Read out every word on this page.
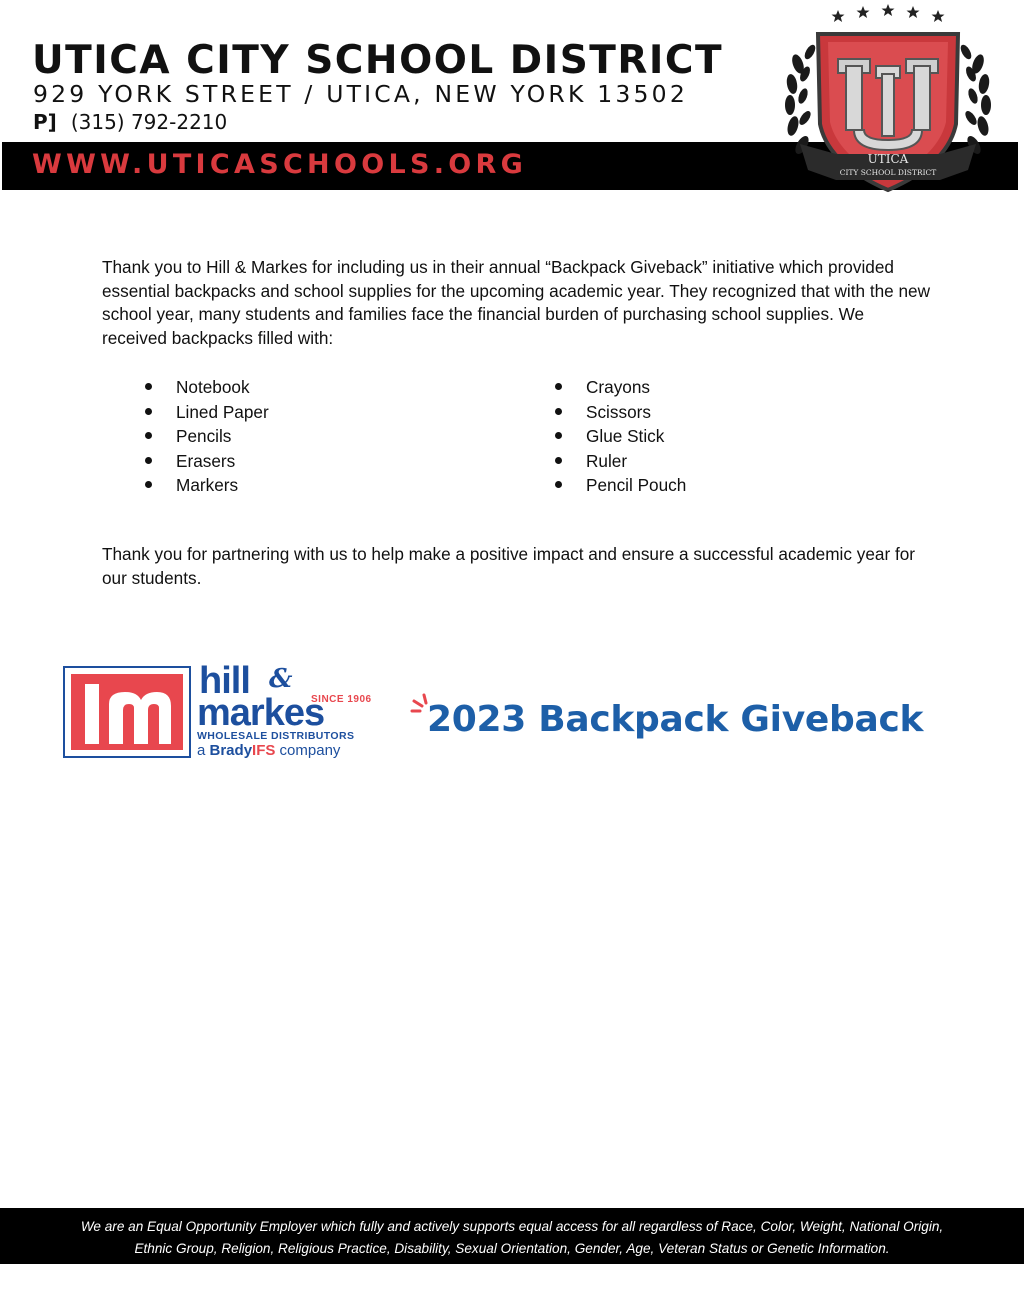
UTICA CITY SCHOOL DISTRICT
929 YORK STREET / UTICA, NEW YORK 13502
P] (315) 792-2210
WWW.UTICASCHOOLS.ORG	UTICA
CITY SCHOOL DISTRICT

Thank you to Hill & Markes for including us in their annual “Backpack Giveback” initiative which provided essential backpacks and school supplies for the upcoming academic year. They recognized that with the new school year, many students and families face the financial burden of purchasing school supplies. We received backpacks filled with:

Notebook
Lined Paper
Pencils
Erasers
Markers
Crayons
Scissors
Glue Stick
Ruler
Pencil Pouch

Thank you for partnering with us to help make a positive impact and ensure a successful academic year for our students.

hill &
SINCE 1906
markes
WHOLESALE DISTRIBUTORS
a BradyIFS company
2023 Backpack Giveback

We are an Equal Opportunity Employer which fully and actively supports equal access for all regardless of Race, Color, Weight, National Origin,

Ethnic Group, Religion, Religious Practice, Disability, Sexual Orientation, Gender, Age, Veteran Status or Genetic Information.
